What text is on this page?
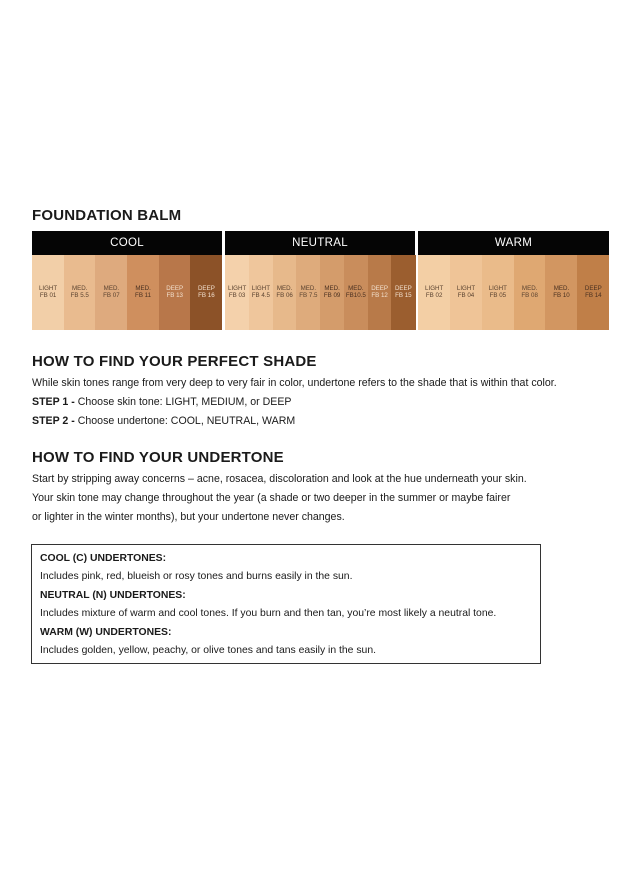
FOUNDATION BALM
COOL	NEUTRAL	WARM
LIGHT
FB 01
MED.
FB 5.5
MED.
FB 07
MED.
FB 11
DEEP
FB 13
DEEP
FB 16
LIGHT
FB 03
LIGHT
FB 4.5
MED.
FB 06
MED.
FB 7.5
MED.
FB 09
MED.
FB10.5
DEEP
FB 12
DEEP
FB 15
LIGHT
FB 02
LIGHT
FB 04
LIGHT
FB 05
MED.
FB 08
MED.
FB 10
DEEP
FB 14
HOW TO FIND YOUR PERFECT SHADE

While skin tones range from very deep to very fair in color, undertone refers to the shade that is within that color.

STEP 1 - Choose skin tone: LIGHT, MEDIUM, or DEEP

STEP 2 - Choose undertone: COOL, NEUTRAL, WARM

HOW TO FIND YOUR UNDERTONE

Start by stripping away concerns – acne, rosacea, discoloration and look at the hue underneath your skin.

Your skin tone may change throughout the year (a shade or two deeper in the summer or maybe fairer

or lighter in the winter months), but your undertone never changes.

COOL (C) UNDERTONES:

Includes pink, red, blueish or rosy tones and burns easily in the sun.

NEUTRAL (N) UNDERTONES:

Includes mixture of warm and cool tones. If you burn and then tan, you’re most likely a neutral tone.

WARM (W) UNDERTONES:

Includes golden, yellow, peachy, or olive tones and tans easily in the sun.
